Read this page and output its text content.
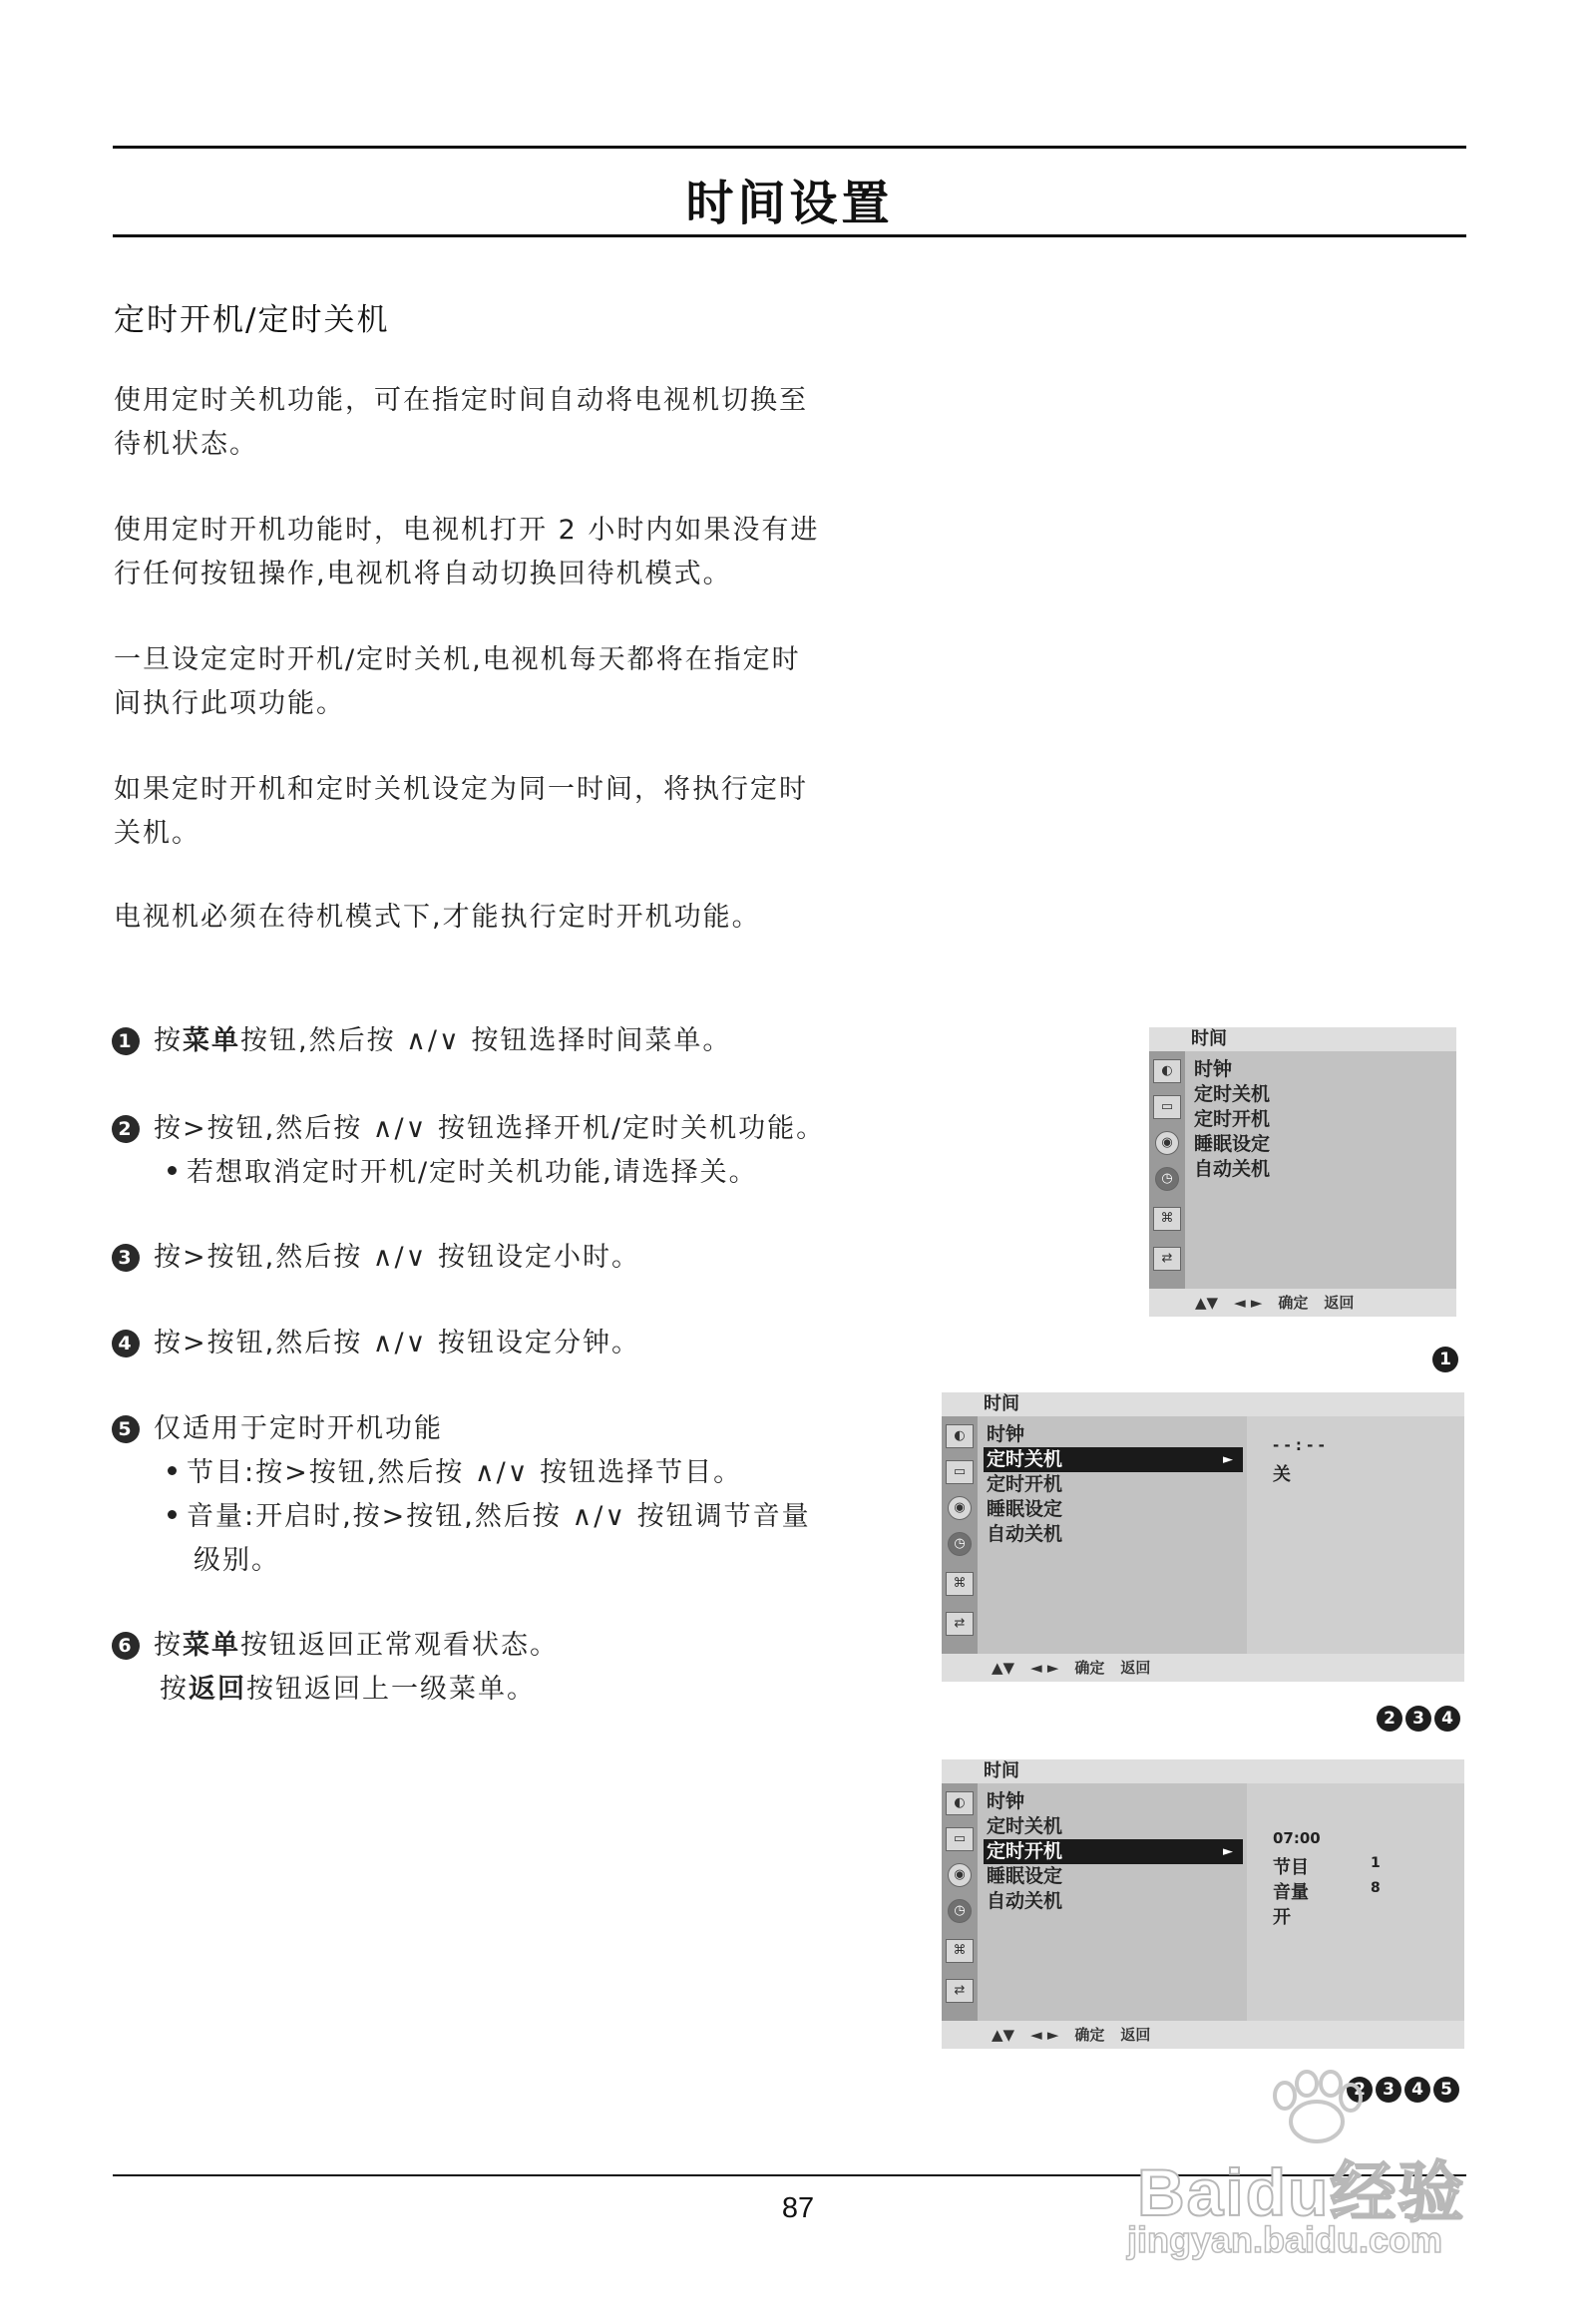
时间设置
定时开机/定时关机
使用定时关机功能，可在指定时间自动将电视机切换至
待机状态。
使用定时开机功能时，电视机打开 2 小时内如果没有进
行任何按钮操作,电视机将自动切换回待机模式。
一旦设定定时开机/定时关机,电视机每天都将在指定时
间执行此项功能。
如果定时开机和定时关机设定为同一时间，将执行定时
关机。
电视机必须在待机模式下,才能执行定时开机功能。
1 按菜单按钮,然后按 ∧/∨ 按钮选择时间菜单。
2 按>按钮,然后按 ∧/∨ 按钮选择开机/定时关机功能。
若想取消定时开机/定时关机功能,请选择关。
3 按>按钮,然后按 ∧/∨ 按钮设定小时。
4 按>按钮,然后按 ∧/∨ 按钮设定分钟。
5 仅适用于定时开机功能
节目:按>按钮,然后按 ∧/∨ 按钮选择节目。
音量:开启时,按>按钮,然后按 ∧/∨ 按钮调节音量
级别。
6 按菜单按钮返回正常观看状态。
按返回按钮返回上一级菜单。
时间
◐
▭
◉
◷
⌘
⇄
时钟
定时关机
定时开机
睡眠设定
自动关机
▲▼ ◄ ► 确定 返回
1
时间
◐
▭
◉
◷
⌘
⇄
时钟
定时关机	►
定时开机
睡眠设定
自动关机
- - : - -
关
▲▼ ◄ ► 确定 返回
2	3	4
时间
◐
▭
◉
◷
⌘
⇄
时钟
定时关机
定时开机	►
睡眠设定
自动关机
07:00
节目	1
音量	8
开
▲▼ ◄ ► 确定 返回
2	3	4	5
87	Baidu经验
jingyan.baidu.com
